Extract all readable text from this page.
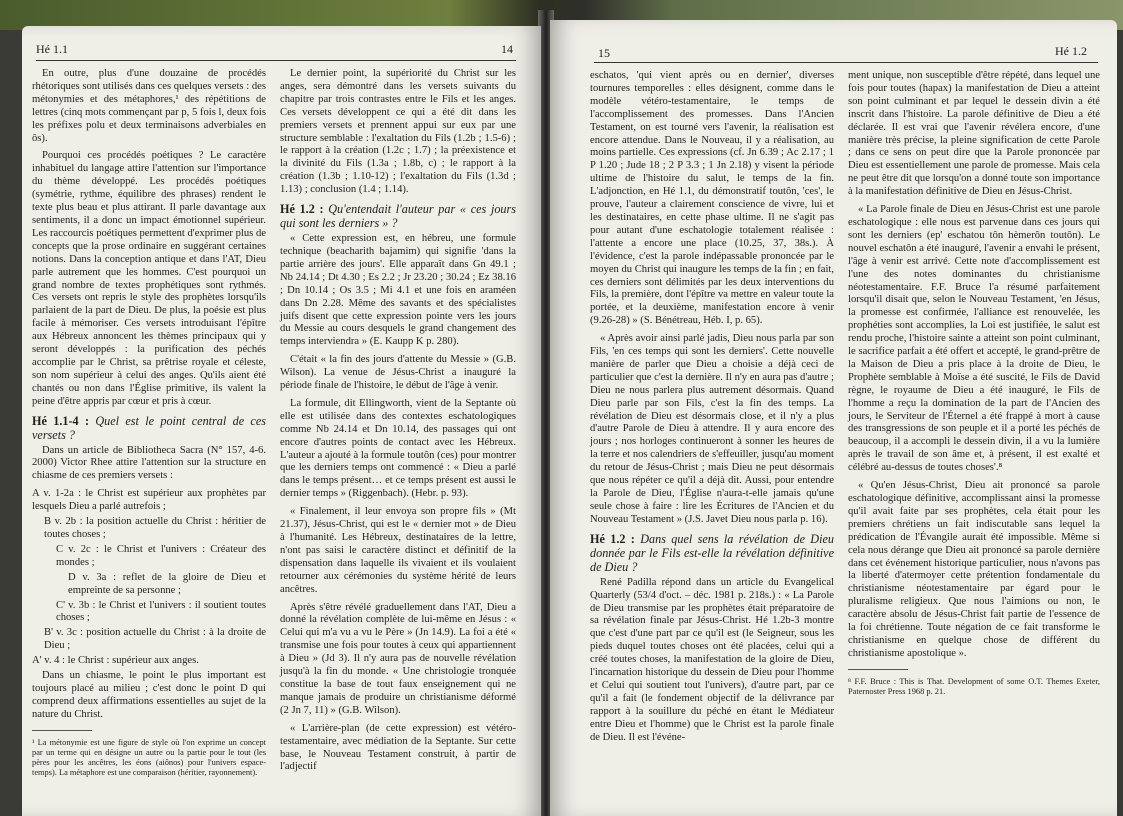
Hé 1.1	14

En outre, plus d'une douzaine de procédés rhétoriques sont utilisés dans ces quelques versets : des métonymies et des métaphores,¹ des répétitions de lettres (cinq mots commençant par p, 5 fois l, deux fois les préfixes polu et deux terminaisons adverbiales en ôs).

Pourquoi ces procédés poétiques ? Le caractère inhabituel du langage attire l'attention sur l'importance du thème développé. Les procédés poétiques (symétrie, rythme, équilibre des phrases) rendent le texte plus beau et plus attirant. Il parle davantage aux sentiments, il a donc un impact émotionnel supérieur. Les raccourcis poétiques permettent d'exprimer plus de concepts que la prose ordinaire en suggérant certaines notions. Dans la conception antique et dans l'AT, Dieu parle autrement que les hommes. C'est pourquoi un grand nombre de textes prophétiques sont rythmés. Ces versets ont repris le style des prophètes lorsqu'ils parlaient de la part de Dieu. De plus, la poésie est plus facile à mémoriser. Ces versets introduisant l'épître aux Hébreux annoncent les thèmes principaux qui y seront développés : la purification des péchés accomplie par le Christ, sa prêtrise royale et céleste, son nom supérieur à celui des anges. Qu'ils aient été chantés ou non dans l'Église primitive, ils valent la peine d'être appris par cœur et pris à cœur.

Hé 1.1-4 : Quel est le point central de ces versets ?

Dans un article de Bibliotheca Sacra (N° 157, 4-6. 2000) Victor Rhee attire l'attention sur la structure en chiasme de ces premiers versets :

A v. 1-2a : le Christ est supérieur aux prophètes par lesquels Dieu a parlé autrefois ;
B v. 2b : la position actuelle du Christ : héritier de toutes choses ;
C v. 2c : le Christ et l'univers : Créateur des mondes ;
D v. 3a : reflet de la gloire de Dieu et empreinte de sa personne ;
C' v. 3b : le Christ et l'univers : il soutient toutes choses ;
B' v. 3c : position actuelle du Christ : à la droite de Dieu ;
A' v. 4 : le Christ : supérieur aux anges.

Dans un chiasme, le point le plus important est toujours placé au milieu ; c'est donc le point D qui comprend deux affirmations essentielles au sujet de la nature du Christ.

¹ La métonymie est une figure de style où l'on exprime un concept par un terme qui en désigne un autre ou la partie pour le tout (les pères pour les ancêtres, les éons (aiônos) pour l'univers espace-temps). La métaphore est une comparaison (héritier, rayonnement).

Le dernier point, la supériorité du Christ sur les anges, sera démontré dans les versets suivants du chapitre par trois contrastes entre le Fils et les anges. Ces versets développent ce qui a été dit dans les premiers versets et prennent appui sur eux par une structure semblable : l'exaltation du Fils (1.2b ; 1.5-6) ; le rapport à la création (1.2c ; 1.7) ; la préexistence et la divinité du Fils (1.3a ; 1.8b, c) ; le rapport à la création (1.3b ; 1.10-12) ; l'exaltation du Fils (1.3d ; 1.13) ; conclusion (1.4 ; 1.14).

Hé 1.2 : Qu'entendait l'auteur par « ces jours qui sont les derniers » ?

« Cette expression est, en hébreu, une formule technique (beacharith bajamim) qui signifie 'dans la partie arrière des jours'. Elle apparaît dans Gn 49.1 ; Nb 24.14 ; Dt 4.30 ; Es 2.2 ; Jr 23.20 ; 30.24 ; Ez 38.16 ; Dn 10.14 ; Os 3.5 ; Mi 4.1 et une fois en araméen dans Dn 2.28. Même des savants et des spécialistes juifs disent que cette expression pointe vers les jours du Messie au cours desquels le grand changement des temps interviendra » (E. Kaupp K p. 280).

C'était « la fin des jours d'attente du Messie » (G.B. Wilson). La venue de Jésus-Christ a inauguré la période finale de l'histoire, le début de l'âge à venir.

La formule, dit Ellingworth, vient de la Septante où elle est utilisée dans des contextes eschatologiques comme Nb 24.14 et Dn 10.14, des passages qui ont encore d'autres points de contact avec les Hébreux. L'auteur a ajouté à la formule toutôn (ces) pour montrer que les derniers temps ont commencé : « Dieu a parlé dans le temps présent… et ce temps présent est aussi le dernier temps » (Riggenbach). (Hebr. p. 93).

« Finalement, il leur envoya son propre fils » (Mt 21.37), Jésus-Christ, qui est le « dernier mot » de Dieu à l'humanité. Les Hébreux, destinataires de la lettre, n'ont pas saisi le caractère distinct et définitif de la dispensation dans laquelle ils vivaient et ils voulaient retourner aux cérémonies du système hérité de leurs ancêtres.

Après s'être révélé graduellement dans l'AT, Dieu a donné la révélation complète de lui-même en Jésus : « Celui qui m'a vu a vu le Père » (Jn 14.9). La foi a été « transmise une fois pour toutes à ceux qui appartiennent à Dieu » (Jd 3). Il n'y aura pas de nouvelle révélation jusqu'à la fin du monde. « Une christologie tronquée constitue la base de tout faux enseignement qui ne manque jamais de produire un christianisme déformé (2 Jn 7, 11) » (G.B. Wilson).

« L'arrière-plan (de cette expression) est vétéro-testamentaire, avec médiation de la Septante. Sur cette base, le Nouveau Testament construit, à partir de l'adjectif

15	Hé 1.2

eschatos, 'qui vient après ou en dernier', diverses tournures temporelles : elles désignent, comme dans le modèle vétéro-testamentaire, le temps de l'accomplissement des promesses. Dans l'Ancien Testament, on est tourné vers l'avenir, la réalisation est encore attendue. Dans le Nouveau, il y a réalisation, au moins partielle. Ces expressions (cf. Jn 6.39 ; Ac 2.17 ; 1 P 1.20 ; Jude 18 ; 2 P 3.3 ; 1 Jn 2.18) y visent la période ultime de l'histoire du salut, le temps de la fin. L'adjonction, en Hé 1.1, du démonstratif toutôn, 'ces', le prouve, l'auteur a clairement conscience de vivre, lui et les destinataires, en cette phase ultime. Il ne s'agit pas pour autant d'une eschatologie totalement réalisée : l'attente a encore une place (10.25, 37, 38s.). À l'évidence, c'est la parole indépassable prononcée par le moyen du Christ qui inaugure les temps de la fin ; en fait, ces derniers sont délimités par les deux interventions du Fils, la première, dont l'épître va mettre en valeur toute la portée, et la deuxième, manifestation encore à venir (9.26-28) » (S. Bénétreau, Héb. I, p. 65).

« Après avoir ainsi parlé jadis, Dieu nous parla par son Fils, 'en ces temps qui sont les derniers'. Cette nouvelle manière de parler que Dieu a choisie a déjà ceci de particulier que c'est la dernière. Il n'y en aura pas d'autre ; Dieu ne nous parlera plus autrement désormais. Quand Dieu parle par son Fils, c'est la fin des temps. La révélation de Dieu est désormais close, et il n'y a plus d'autre Parole de Dieu à attendre. Il y aura encore des jours ; nos horloges continueront à sonner les heures de la terre et nos calendriers de s'effeuiller, jusqu'au moment du retour de Jésus-Christ ; mais Dieu ne peut désormais que nous répéter ce qu'il a déjà dit. Aussi, pour entendre la Parole de Dieu, l'Église n'aura-t-elle jamais qu'une seule chose à faire : lire les Écritures de l'Ancien et du Nouveau Testament » (J.S. Javet Dieu nous parla p. 16).

Hé 1.2 : Dans quel sens la révélation de Dieu donnée par le Fils est-elle la révélation définitive de Dieu ?

René Padilla répond dans un article du Evangelical Quarterly (53/4 d'oct. – déc. 1981 p. 218s.) : « La Parole de Dieu transmise par les prophètes était préparatoire de sa révélation finale par Jésus-Christ. Hé 1.2b-3 montre que c'est d'une part par ce qu'il est (le Seigneur, sous les pieds duquel toutes choses ont été placées, celui qui a créé toutes choses, la manifestation de la gloire de Dieu, l'incarnation historique du dessein de Dieu pour l'homme et Celui qui soutient tout l'univers), d'autre part, par ce qu'il a fait (le fondement objectif de la délivrance par rapport à la souillure du péché en étant le Médiateur entre Dieu et l'homme) que le Christ est la parole finale de Dieu. Il est l'événe-

ment unique, non susceptible d'être répété, dans lequel une fois pour toutes (hapax) la manifestation de Dieu a atteint son point culminant et par lequel le dessein divin a été inscrit dans l'histoire. La parole définitive de Dieu a été déclarée. Il est vrai que l'avenir révélera encore, d'une manière très précise, la pleine signification de cette Parole ; dans ce sens on peut dire que la Parole prononcée par Dieu est essentiellement une parole de promesse. Mais cela ne peut être dit que lorsqu'on a donné toute son importance à la manifestation définitive de Dieu en Jésus-Christ.

« La Parole finale de Dieu en Jésus-Christ est une parole eschatologique : elle nous est parvenue dans ces jours qui sont les derniers (ep' eschatou tôn hèmerôn toutôn). Le nouvel eschatôn a été inauguré, l'avenir a envahi le présent, l'âge à venir est arrivé. Cette note d'accomplissement est l'une des notes dominantes du christianisme néotestamentaire. F.F. Bruce l'a résumé parfaitement lorsqu'il disait que, selon le Nouveau Testament, 'en Jésus, la promesse est confirmée, l'alliance est renouvelée, les prophéties sont accomplies, la Loi est justifiée, le salut est rendu proche, l'histoire sainte a atteint son point culminant, le sacrifice parfait a été offert et accepté, le grand-prêtre de la Maison de Dieu a pris place à la droite de Dieu, le Prophète semblable à Moïse a été suscité, le Fils de David règne, le royaume de Dieu a été inauguré, le Fils de l'homme a reçu la domination de la part de l'Ancien des jours, le Serviteur de l'Éternel a été frappé à mort à cause des transgressions de son peuple et il a porté les péchés de beaucoup, il a accompli le dessein divin, il a vu la lumière après le travail de son âme et, à présent, il est exalté et célébré au-dessus de toutes choses'.⁸

« Qu'en Jésus-Christ, Dieu ait prononcé sa parole eschatologique définitive, accomplissant ainsi la promesse qu'il avait faite par ses prophètes, cela était pour les premiers chrétiens un fait indiscutable sans lequel la prédication de l'Évangile aurait été impossible. Même si cela nous dérange que Dieu ait prononcé sa parole dernière dans cet événement historique particulier, nous n'avons pas la liberté d'atermoyer cette prétention fondamentale du christianisme néotestamentaire par égard pour le pluralisme religieux. Que nous l'aimions ou non, le caractère absolu de Jésus-Christ fait partie de l'essence de la foi chrétienne. Toute négation de ce fait transforme le christianisme en quelque chose de différent du christianisme apostolique ».

⁸ F.F. Bruce : This is That. Development of some O.T. Themes Exeter, Paternoster Press 1968 p. 21.
